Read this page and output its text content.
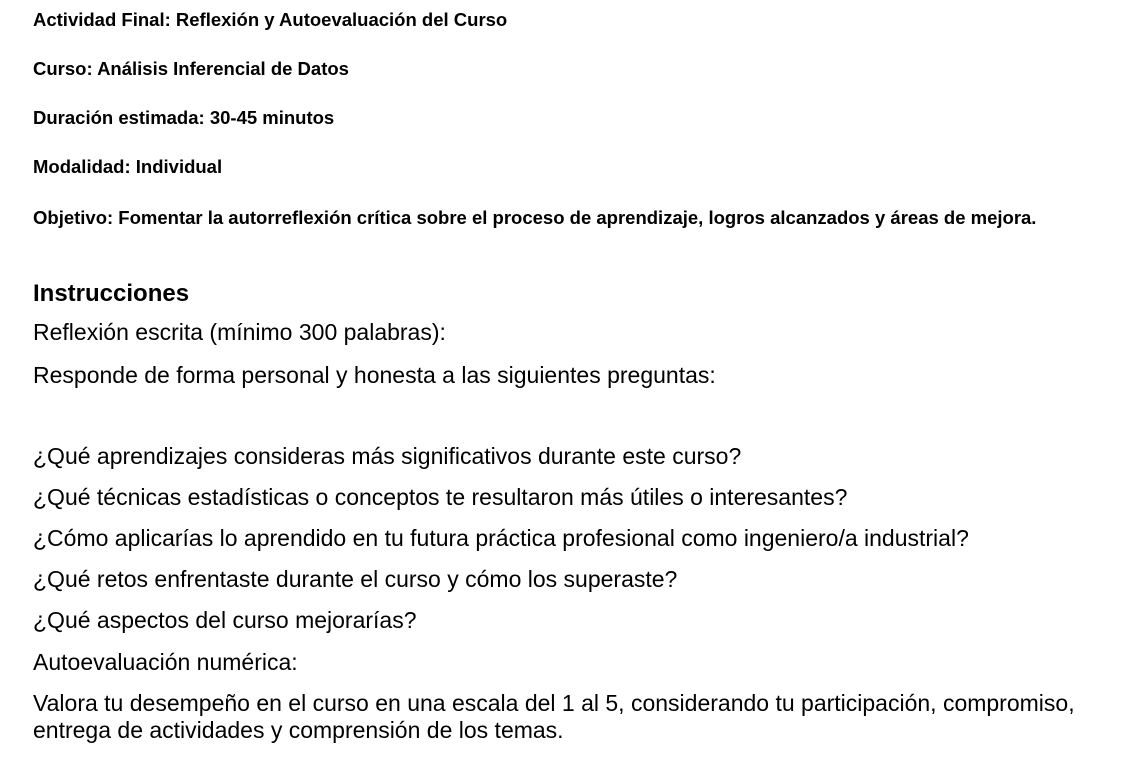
Actividad Final: Reflexión y Autoevaluación del Curso

Curso: Análisis Inferencial de Datos

Duración estimada: 30-45 minutos

Modalidad: Individual

Objetivo: Fomentar la autorreflexión crítica sobre el proceso de aprendizaje, logros alcanzados y áreas de mejora.

Instrucciones

Reflexión escrita (mínimo 300 palabras):

Responde de forma personal y honesta a las siguientes preguntas:

¿Qué aprendizajes consideras más significativos durante este curso?

¿Qué técnicas estadísticas o conceptos te resultaron más útiles o interesantes?

¿Cómo aplicarías lo aprendido en tu futura práctica profesional como ingeniero/a industrial?

¿Qué retos enfrentaste durante el curso y cómo los superaste?

¿Qué aspectos del curso mejorarías?

Autoevaluación numérica:

Valora tu desempeño en el curso en una escala del 1 al 5, considerando tu participación, compromiso, entrega de actividades y comprensión de los temas.
